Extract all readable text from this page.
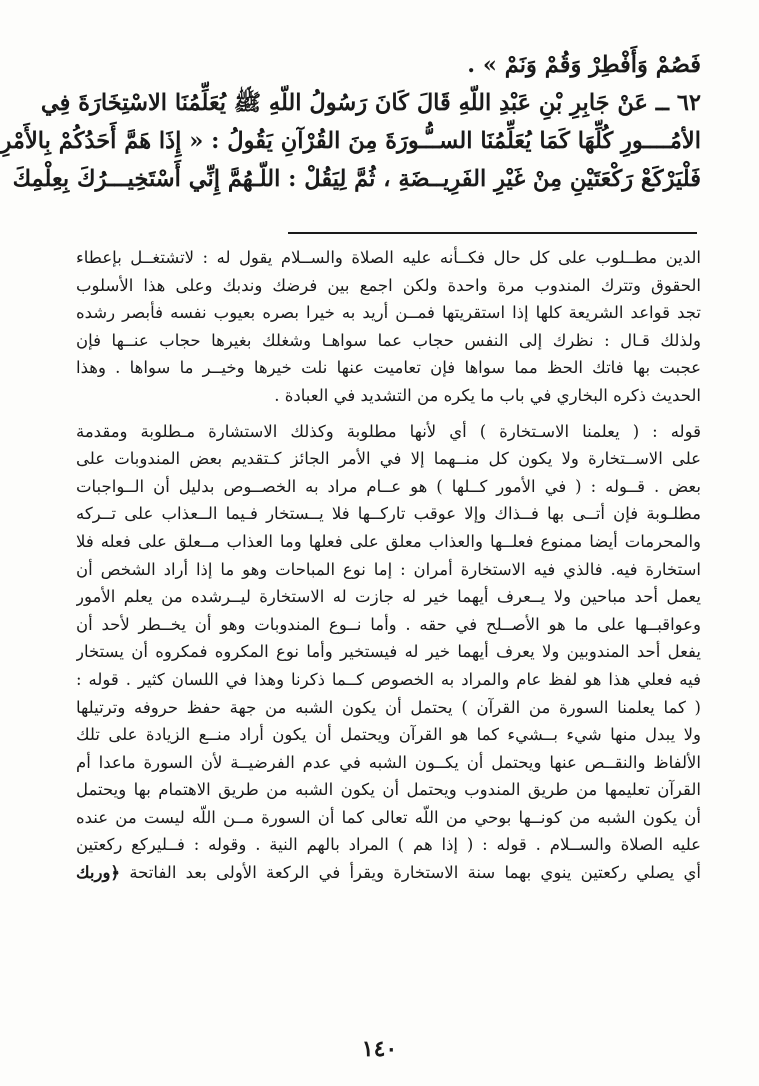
فَصُمْ وَأَفْطِرْ وَقُمْ وَنَمْ » .
٦٢ ــ عَنْ جَابِرِ بْنِ عَبْدِ اللّهِ قَالَ كَانَ رَسُولُ اللّهِ ﷺ يُعَلِّمُنَا الاسْتِخَارَةَ فِي
الأمُــــورِ كُلِّهَا كَمَا يُعَلِّمُنَا الســُّـورَةَ مِنَ القُرْآنِ يَقُولُ : « إِذَا هَمَّ أَحَدُكُمْ بِالأَمْرِ
فَلْيَرْكَعْ رَكْعَتَيْنِ مِنْ غَيْرِ الفَرِيــضَةِ ، ثُمَّ لِيَقُلْ : اللّـهُمَّ إِنِّي أَسْتَخِيـــرُكَ بِعِلْمِكَ
الدين مطــلوب على كل حال فكــأنه عليه الصلاة والســلام يقول له : لاتشتغــل بإعطاء
الحقوق وتترك المندوب مرة واحدة ولكن اجمع بين فرضك وندبك وعلى هذا الأسلوب
تجد قواعد الشريعة كلها إذا استقريتها فمــن أريد به خيرا بصره بعيوب نفسه فأبصر رشده
ولذلك قـال : نظرك إلى النفس حجاب عما سواهـا وشغلك بغيرها حجاب عنــها فإن
عجبت بها فاتك الحظ مما سواها فإن تعاميت عنها نلت خيرها وخيــر ما سواها . وهذا
الحديث ذكره البخاري في باب ما يكره من التشديد في العبادة .
قوله : ( يعلمنا الاسـتخارة ) أي لأنها مطلوبة وكذلك الاستشارة مـطلوبة ومقدمة
على الاســتخارة ولا يكون كل منــهما إلا في الأمر الجائز كـتقديم بعض المندوبات على
بعض . قــوله : ( في الأمور كــلها ) هو عــام مراد به الخصــوص بدليل أن الــواجبات
مطلـوبة فإن أتــى بها فــذاك وإلا عوقب تاركــها فلا يــستخار فـيما الــعذاب على تــركه
والمحرمات أيضا ممنوع فعلــها والعذاب معلق على فعلها وما العذاب مــعلق على فعله فلا
استخارة فيه. فالذي فيه الاستخارة أمران : إما نوع المباحات وهو ما إذا أراد الشخص أن
يعمل أحد مباحين ولا يــعرف أيهما خير له جازت له الاستخارة ليــرشده من يعلم الأمور
وعواقبــها على ما هو الأصــلح في حقه . وأما نــوع المندوبات وهو أن يخــطر لأحد أن
يفعل أحد المندوبين ولا يعرف أيهما خير له فيستخير وأما نوع المكروه فمكروه أن يستخار
فيه فعلي هذا هو لفظ عام والمراد به الخصوص كــما ذكرنا وهذا في اللسان كثير . قوله :
( كما يعلمنا السورة من القرآن ) يحتمل أن يكون الشبه من جهة حفظ حروفه وترتيلها
ولا يبدل منها شيء بــشيء كما هو القرآن ويحتمل أن يكون أراد منــع الزيادة على تلك
الألفاظ والنقــص عنها ويحتمل أن يكــون الشبه في عدم الفرضيــة لأن السورة ماعدا أم
القرآن تعليمها من طريق المندوب ويحتمل أن يكون الشبه من طريق الاهتمام بها ويحتمل
أن يكون الشبه من كونــها بوحي من اللّه تعالى كما أن السورة مــن اللّه ليست من عنده
عليه الصلاة والســلام . قوله : ( إذا هم ) المراد بالهم النية . وقوله : فــليركع ركعتين
أي يصلي ركعتين ينوي بهما سنة الاستخارة ويقرأ في الركعة الأولى بعد الفاتحة ﴿وربك
١٤٠
